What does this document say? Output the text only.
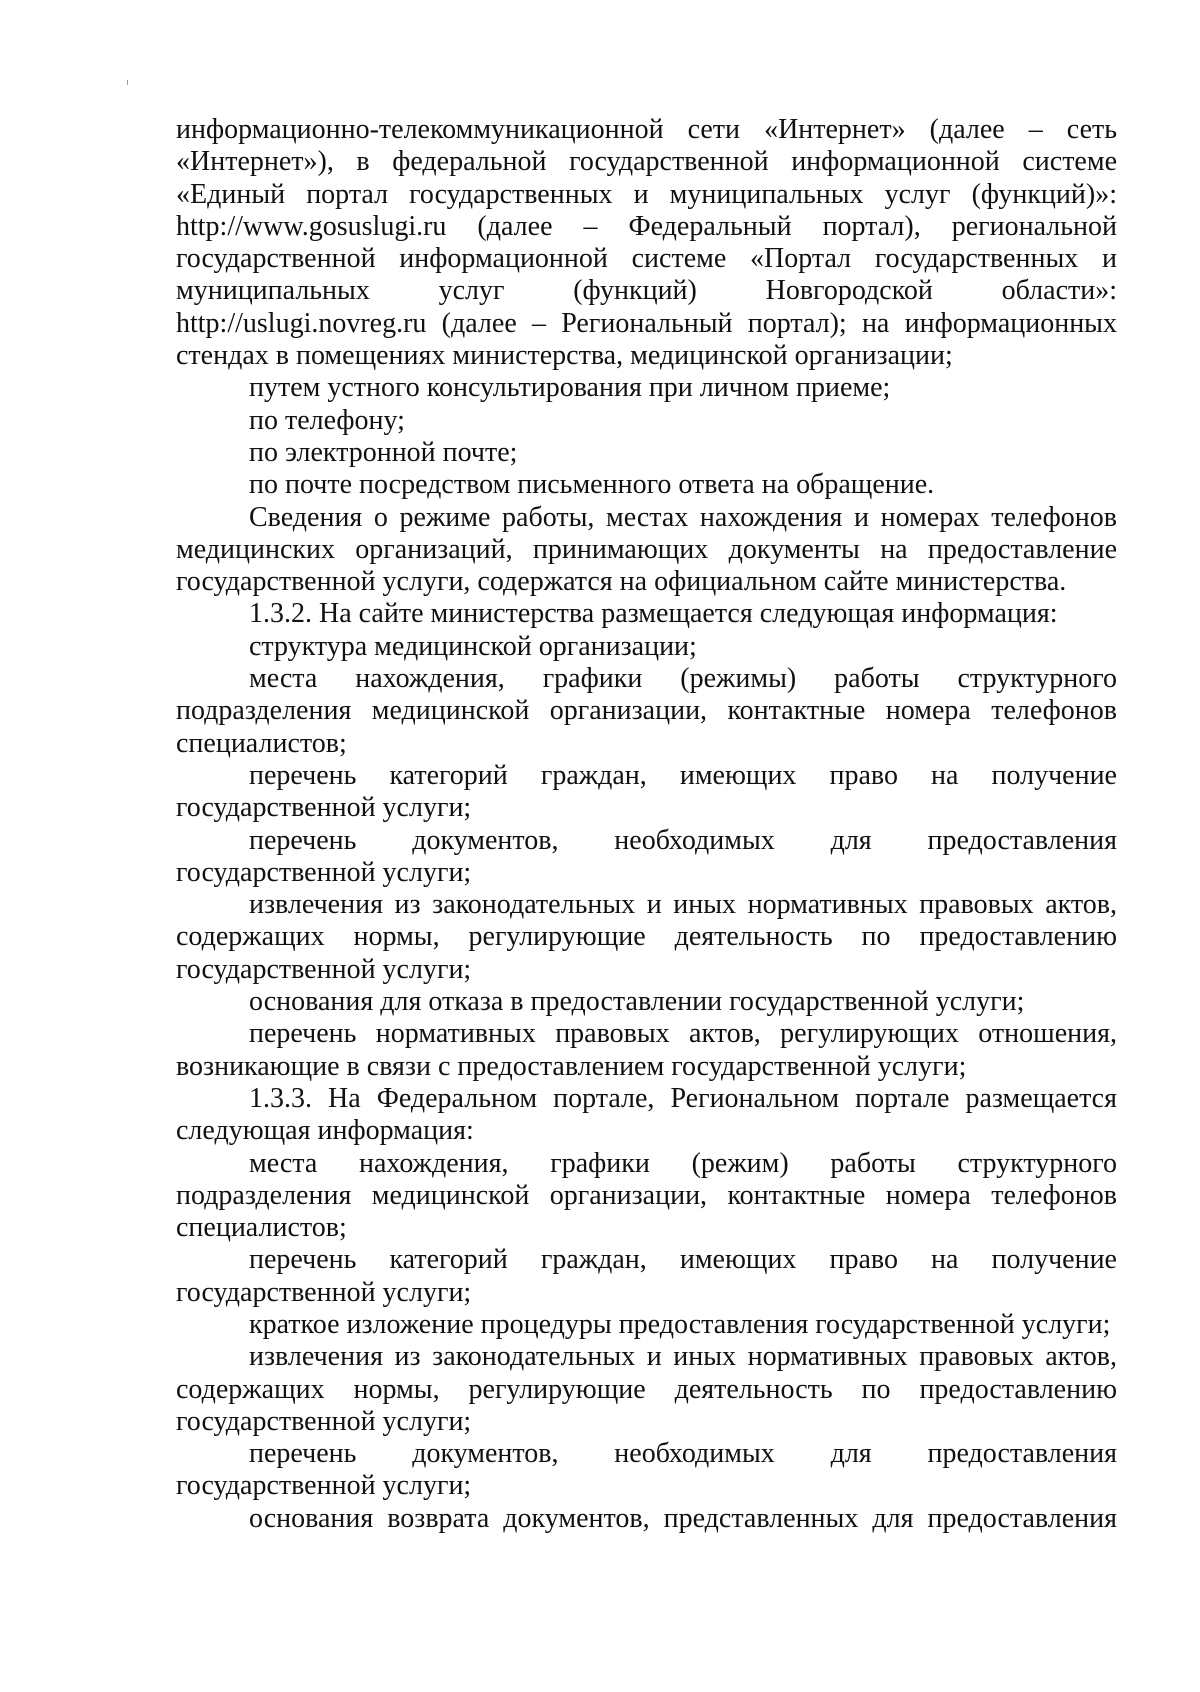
информационно-телекоммуникационной сети «Интернет» (далее – сеть «Интернет»), в федеральной государственной информационной системе «Единый портал государственных и муниципальных услуг (функций)»: http://www.gosuslugi.ru (далее – Федеральный портал), региональной государственной информационной системе «Портал государственных и муниципальных услуг (функций) Новгородской области»: http://uslugi.novreg.ru (далее – Региональный портал); на информационных стендах в помещениях министерства, медицинской организации;

путем устного консультирования при личном приеме;

по телефону;

по электронной почте;

по почте посредством письменного ответа на обращение.

Сведения о режиме работы, местах нахождения и номерах телефонов медицинских организаций, принимающих документы на предоставление государственной услуги, содержатся на официальном сайте министерства.

1.3.2. На сайте министерства размещается следующая информация:

структура медицинской организации;

места нахождения, графики (режимы) работы структурного подразделения медицинской организации, контактные номера телефонов специалистов;

перечень категорий граждан, имеющих право на получение государственной услуги;

перечень документов, необходимых для предоставления государственной услуги;

извлечения из законодательных и иных нормативных правовых актов, содержащих нормы, регулирующие деятельность по предоставлению государственной услуги;

основания для отказа в предоставлении государственной услуги;

перечень нормативных правовых актов, регулирующих отношения, возникающие в связи с предоставлением государственной услуги;

1.3.3. На Федеральном портале, Региональном портале размещается следующая информация:

места нахождения, графики (режим) работы структурного подразделения медицинской организации, контактные номера телефонов специалистов;

перечень категорий граждан, имеющих право на получение государственной услуги;

краткое изложение процедуры предоставления государственной услуги;

извлечения из законодательных и иных нормативных правовых актов, содержащих нормы, регулирующие деятельность по предоставлению государственной услуги;

перечень документов, необходимых для предоставления государственной услуги;

основания возврата документов, представленных для предоставления
